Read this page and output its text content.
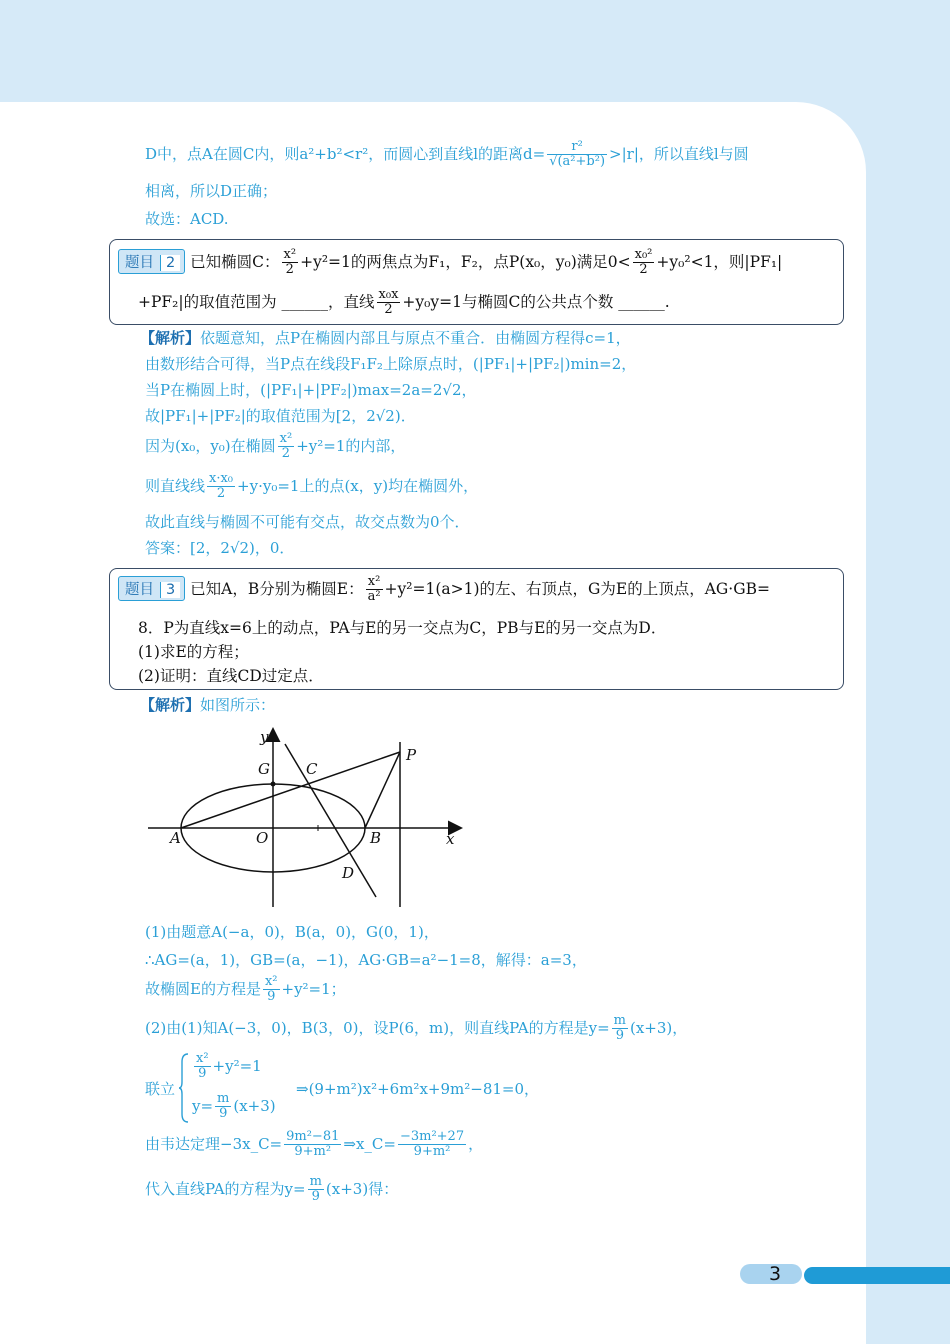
D中，点A在圆C内，则a²+b²<r²，而圆心到直线l的距离$d= \frac{\text{r²}}{\text{√(a²+b²)}} >|r|$，所以直线l与圆
相离，所以D正确；
故选：ACD.
题目 2 已知椭圆C： $\frac{\text{x²}}{2} +y^2=1$的两焦点为F₁，F₂，点P(x₀，y₀)满足$0< \frac{\text{x₀²}}{2} +y_0^2<1$，则|PF₁|
+PF₂|的取值范围为 ______，直线 $\frac{\text{x₀x}}{2} +y_0y=1$与椭圆C的公共点个数 ______.
【解析】依题意知，点P在椭圆内部且与原点不重合．由椭圆方程得c=1，
由数形结合可得，当P点在线段F₁F₂上除原点时，(|PF₁|+|PF₂|)min=2，
当P在椭圆上时，(|PF₁|+|PF₂|)max=2a=2√2，
故|PF₁|+|PF₂|的取值范围为[2，2√2)．
因为(x₀，y₀)在椭圆 $\frac{\text{x²}}{2} +y^2=1$的内部，
则直线线 $\frac{\text{x·x₀}}{2} +y\cdot y_0=1$上的点(x，y)均在椭圆外，
故此直线与椭圆不可能有交点，故交点数为0个．
答案：[2，2√2)，0．
题目 3 已知A，B分别为椭圆E： $\frac{\text{x²}}{\text{a²}} +y^2=1(a>1)$的左、右顶点，G为E的上顶点，AG·GB=
8．P为直线x=6上的动点，PA与E的另一交点为C，PB与E的另一交点为D．
(1)求E的方程；
(2)证明：直线CD过定点．
【解析】如图所示：
y
G C
P
A	O	B	x
D
(1)由题意A(−a，0)，B(a，0)，G(0，1)，
∴AG=(a，1)，GB=(a，−1)，AG·GB=a²−1=8，解得：a=3，
故椭圆E的方程是 $\frac{\text{x²}}{9} +y^2=1$；
(2)由(1)知A(−3，0)，B(3，0)，设P(6，m)，则直线PA的方程是$y= \frac{m}{9} (x+3)$，
联立
$\frac{\text{x²}}{9} +y^2=1$
$y= \frac{m}{9} (x+3)$
⇒(9+m²)x²+6m²x+9m²−81=0，
由韦达定理−3x_C= $\frac{\text{9m²−81}}{\text{9+m²}}$ ⇒x_C= $\frac{\text{−3m²+27}}{\text{9+m²}}$ ，
代入直线PA的方程为$y= \frac{m}{9} (x+3)$得：
3
